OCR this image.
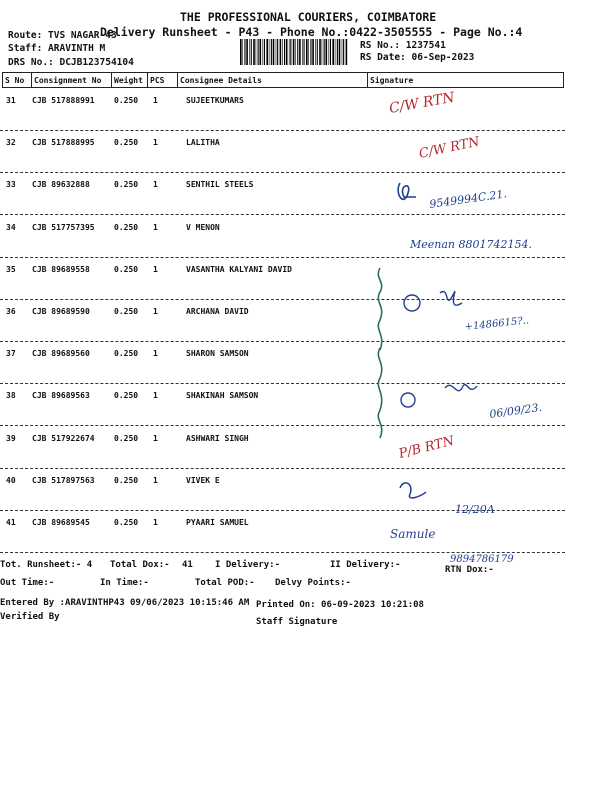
THE PROFESSIONAL COURIERS, COIMBATORE
Delivery Runsheet - P43 - Phone No.:0422-3505555 - Page No.:4
Route: TVS NAGAR-43
Staff: ARAVINTH M
DRS No.: DCJB123754104
RS No.: 1237541
RS Date: 06-Sep-2023
S No	Consignment No	Weight PCS	Consignee Details	Signature
31 CJB 517888991 0.250 1	SUJEETKUMARS
32 CJB 517888995 0.250 1	LALITHA
33 CJB 89632888	0.250 1	SENTHIL STEELS
34 CJB 517757395 0.250 1	V MENON
35 CJB 89689558	0.250 1	VASANTHA KALYANI DAVID
36 CJB 89689590	0.250 1	ARCHANA DAVID
37 CJB 89689560	0.250 1	SHARON SAMSON
38 CJB 89689563	0.250 1	SHAKINAH SAMSON
39 CJB 517922674 0.250 1	ASHWARI SINGH
40 CJB 517897563 0.250 1	VIVEK E
41 CJB 89689545	0.250 1	PYAARI SAMUEL
C/W RTN
C/W RTN
9549994C.21.
Meenan 8801742154.
+1486615?..
06/09/23.
P/B RTN
12/20A
Samule
9894786179
Tot. Runsheet:- 4 Total Dox:- 41 I Delivery:-	II Delivery:-	RTN Dox:-
Out Time:-	In Time:-	Total POD:- Delvy Points:-
Entered By :ARAVINTHP43 09/06/2023 10:15:46 AM Printed On: 06-09-2023 10:21:08
Verified By	Staff Signature
